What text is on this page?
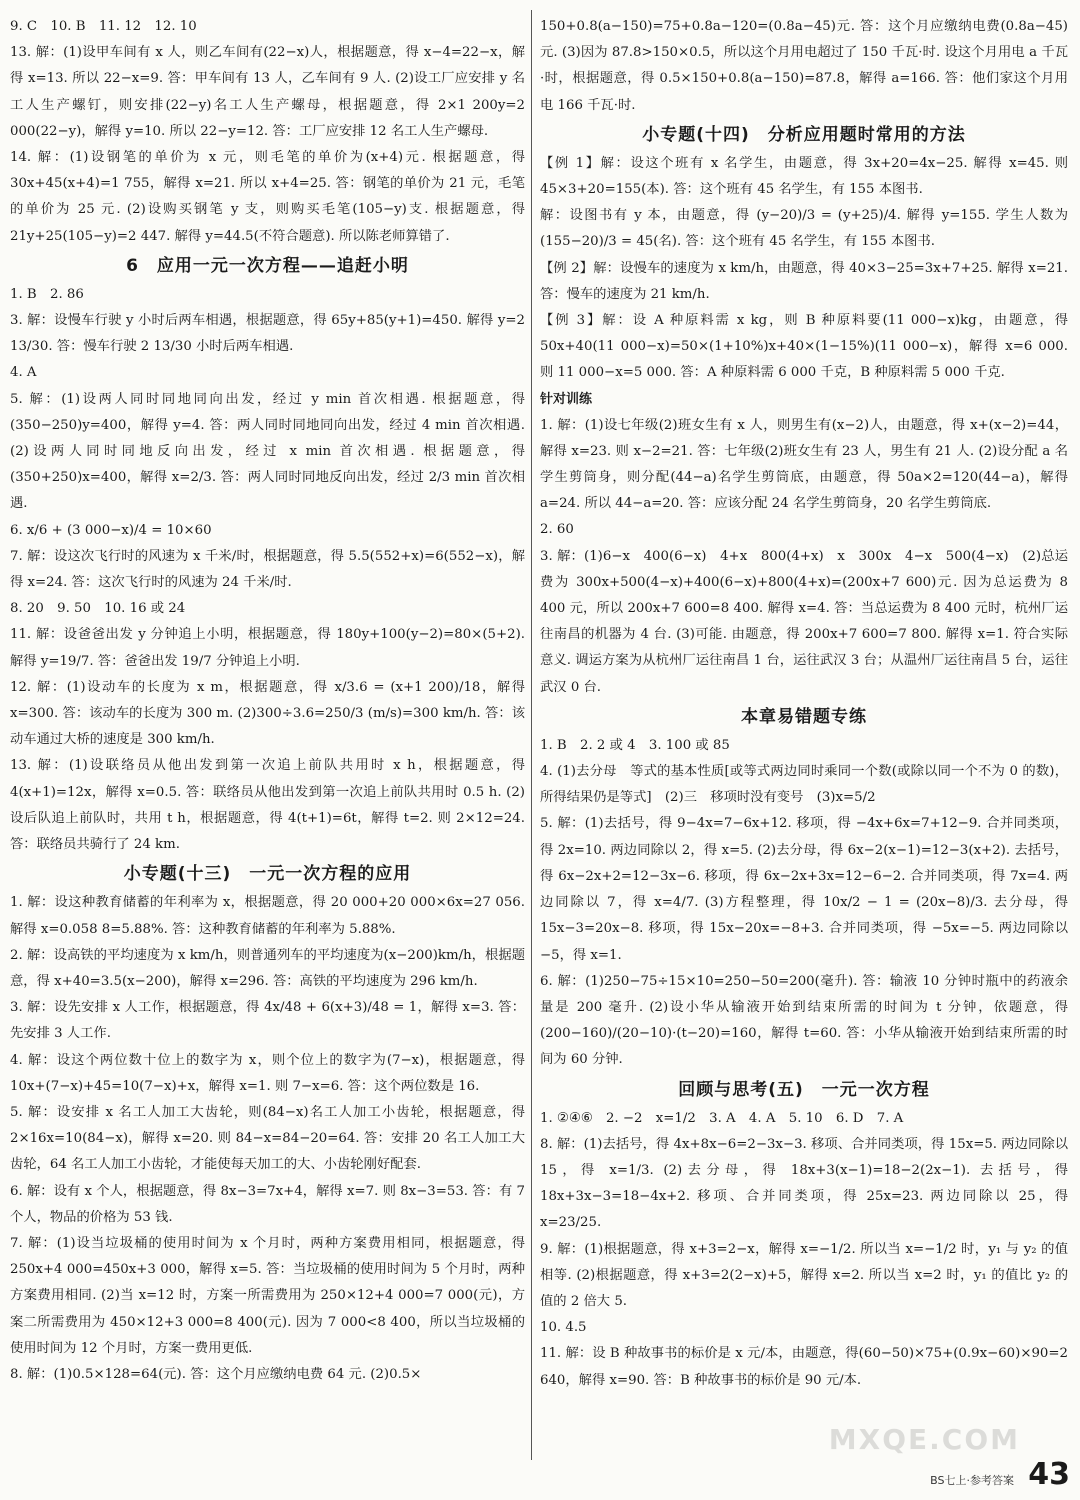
9. C　10. B　11. 12　12. 10
13. 解：(1)设甲车间有 x 人，则乙车间有(22−x)人，根据题意，得 x−4=22−x，解得 x=13. 所以 22−x=9. 答：甲车间有 13 人，乙车间有 9 人. (2)设工厂应安排 y 名工人生产螺钉，则安排(22−y)名工人生产螺母，根据题意，得 2×1 200y=2 000(22−y)，解得 y=10. 所以 22−y=12. 答：工厂应安排 12 名工人生产螺母.
14. 解：(1)设钢笔的单价为 x 元，则毛笔的单价为(x+4)元. 根据题意，得 30x+45(x+4)=1 755，解得 x=21. 所以 x+4=25. 答：钢笔的单价为 21 元，毛笔的单价为 25 元. (2)设购买钢笔 y 支，则购买毛笔(105−y)支. 根据题意，得 21y+25(105−y)=2 447. 解得 y=44.5(不符合题意). 所以陈老师算错了.
6　应用一元一次方程——追赶小明
1. B　2. 86
3. 解：设慢车行驶 y 小时后两车相遇，根据题意，得 65y+85(y+1)=450. 解得 y=2 13/30. 答：慢车行驶 2 13/30 小时后两车相遇.
4. A
5. 解：(1)设两人同时同地同向出发，经过 y min 首次相遇. 根据题意，得(350−250)y=400，解得 y=4. 答：两人同时同地同向出发，经过 4 min 首次相遇. (2)设两人同时同地反向出发，经过 x min 首次相遇. 根据题意，得(350+250)x=400，解得 x=2/3. 答：两人同时同地反向出发，经过 2/3 min 首次相遇.
6. x/6 + (3 000−x)/4 = 10×60
7. 解：设这次飞行时的风速为 x 千米/时，根据题意，得 5.5(552+x)=6(552−x)，解得 x=24. 答：这次飞行时的风速为 24 千米/时.
8. 20　9. 50　10. 16 或 24
11. 解：设爸爸出发 y 分钟追上小明，根据题意，得 180y+100(y−2)=80×(5+2). 解得 y=19/7. 答：爸爸出发 19/7 分钟追上小明.
12. 解：(1)设动车的长度为 x m，根据题意，得 x/3.6 = (x+1 200)/18，解得 x=300. 答：该动车的长度为 300 m. (2)300÷3.6=250/3 (m/s)=300 km/h. 答：该动车通过大桥的速度是 300 km/h.
13. 解：(1)设联络员从他出发到第一次追上前队共用时 x h，根据题意，得 4(x+1)=12x，解得 x=0.5. 答：联络员从他出发到第一次追上前队共用时 0.5 h. (2)设后队追上前队时，共用 t h，根据题意，得 4(t+1)=6t，解得 t=2. 则 2×12=24. 答：联络员共骑行了 24 km.
小专题(十三)　一元一次方程的应用
1. 解：设这种教育储蓄的年利率为 x，根据题意，得 20 000+20 000×6x=27 056. 解得 x=0.058 8=5.88%. 答：这种教育储蓄的年利率为 5.88%.
2. 解：设高铁的平均速度为 x km/h，则普通列车的平均速度为(x−200)km/h，根据题意，得 x+40=3.5(x−200)，解得 x=296. 答：高铁的平均速度为 296 km/h.
3. 解：设先安排 x 人工作，根据题意，得 4x/48 + 6(x+3)/48 = 1，解得 x=3. 答：先安排 3 人工作.
4. 解：设这个两位数十位上的数字为 x，则个位上的数字为(7−x)，根据题意，得 10x+(7−x)+45=10(7−x)+x，解得 x=1. 则 7−x=6. 答：这个两位数是 16.
5. 解：设安排 x 名工人加工大齿轮，则(84−x)名工人加工小齿轮，根据题意，得 2×16x=10(84−x)，解得 x=20. 则 84−x=84−20=64. 答：安排 20 名工人加工大齿轮，64 名工人加工小齿轮，才能使每天加工的大、小齿轮刚好配套.
6. 解：设有 x 个人，根据题意，得 8x−3=7x+4，解得 x=7. 则 8x−3=53. 答：有 7 个人，物品的价格为 53 钱.
7. 解：(1)设当垃圾桶的使用时间为 x 个月时，两种方案费用相同，根据题意，得 250x+4 000=450x+3 000，解得 x=5. 答：当垃圾桶的使用时间为 5 个月时，两种方案费用相同. (2)当 x=12 时，方案一所需费用为 250×12+4 000=7 000(元)，方案二所需费用为 450×12+3 000=8 400(元). 因为 7 000<8 400，所以当垃圾桶的使用时间为 12 个月时，方案一费用更低.
8. 解：(1)0.5×128=64(元). 答：这个月应缴纳电费 64 元. (2)0.5×
150+0.8(a−150)=75+0.8a−120=(0.8a−45)元. 答：这个月应缴纳电费(0.8a−45)元. (3)因为 87.8>150×0.5，所以这个月用电超过了 150 千瓦·时. 设这个月用电 a 千瓦·时，根据题意，得 0.5×150+0.8(a−150)=87.8，解得 a=166. 答：他们家这个月用电 166 千瓦·时.
小专题(十四)　分析应用题时常用的方法
【例 1】解：设这个班有 x 名学生，由题意，得 3x+20=4x−25. 解得 x=45. 则 45×3+20=155(本). 答：这个班有 45 名学生，有 155 本图书.
解：设图书有 y 本，由题意，得 (y−20)/3 = (y+25)/4. 解得 y=155. 学生人数为 (155−20)/3 = 45(名). 答：这个班有 45 名学生，有 155 本图书.
【例 2】解：设慢车的速度为 x km/h，由题意，得 40×3−25=3x+7+25. 解得 x=21. 答：慢车的速度为 21 km/h.
【例 3】解：设 A 种原料需 x kg，则 B 种原料要(11 000−x)kg，由题意，得 50x+40(11 000−x)=50×(1+10%)x+40×(1−15%)(11 000−x)，解得 x=6 000. 则 11 000−x=5 000. 答：A 种原料需 6 000 千克，B 种原料需 5 000 千克.
针对训练
1. 解：(1)设七年级(2)班女生有 x 人，则男生有(x−2)人，由题意，得 x+(x−2)=44，解得 x=23. 则 x−2=21. 答：七年级(2)班女生有 23 人，男生有 21 人. (2)设分配 a 名学生剪筒身，则分配(44−a)名学生剪筒底，由题意，得 50a×2=120(44−a)，解得 a=24. 所以 44−a=20. 答：应该分配 24 名学生剪筒身，20 名学生剪筒底.
2. 60
3. 解：(1)6−x　400(6−x)　4+x　800(4+x)　x　300x　4−x　500(4−x)　(2)总运费为 300x+500(4−x)+400(6−x)+800(4+x)=(200x+7 600)元. 因为总运费为 8 400 元，所以 200x+7 600=8 400. 解得 x=4. 答：当总运费为 8 400 元时，杭州厂运往南昌的机器为 4 台. (3)可能. 由题意，得 200x+7 600=7 800. 解得 x=1. 符合实际意义. 调运方案为从杭州厂运往南昌 1 台，运往武汉 3 台；从温州厂运往南昌 5 台，运往武汉 0 台.
本章易错题专练
1. B　2. 2 或 4　3. 100 或 85
4. (1)去分母　等式的基本性质[或等式两边同时乘同一个数(或除以同一个不为 0 的数)，所得结果仍是等式]　(2)三　移项时没有变号　(3)x=5/2
5. 解：(1)去括号，得 9−4x=7−6x+12. 移项，得 −4x+6x=7+12−9. 合并同类项，得 2x=10. 两边同除以 2，得 x=5. (2)去分母，得 6x−2(x−1)=12−3(x+2). 去括号，得 6x−2x+2=12−3x−6. 移项，得 6x−2x+3x=12−6−2. 合并同类项，得 7x=4. 两边同除以 7，得 x=4/7. (3)方程整理，得 10x/2 − 1 = (20x−8)/3. 去分母，得 15x−3=20x−8. 移项，得 15x−20x=−8+3. 合并同类项，得 −5x=−5. 两边同除以 −5，得 x=1.
6. 解：(1)250−75÷15×10=250−50=200(毫升). 答：输液 10 分钟时瓶中的药液余量是 200 毫升. (2)设小华从输液开始到结束所需的时间为 t 分钟，依题意，得 (200−160)/(20−10)·(t−20)=160，解得 t=60. 答：小华从输液开始到结束所需的时间为 60 分钟.
回顾与思考(五)　一元一次方程
1. ②④⑥　2. −2　x=1/2　3. A　4. A　5. 10　6. D　7. A
8. 解：(1)去括号，得 4x+8x−6=2−3x−3. 移项、合并同类项，得 15x=5. 两边同除以 15，得 x=1/3. (2)去分母，得 18x+3(x−1)=18−2(2x−1). 去括号，得 18x+3x−3=18−4x+2. 移项、合并同类项，得 25x=23. 两边同除以 25，得 x=23/25.
9. 解：(1)根据题意，得 x+3=2−x，解得 x=−1/2. 所以当 x=−1/2 时，y₁ 与 y₂ 的值相等. (2)根据题意，得 x+3=2(2−x)+5，解得 x=2. 所以当 x=2 时，y₁ 的值比 y₂ 的值的 2 倍大 5.
10. 4.5
11. 解：设 B 种故事书的标价是 x 元/本，由题意，得(60−50)×75+(0.9x−60)×90=2 640，解得 x=90. 答：B 种故事书的标价是 90 元/本.
MXQE.COM
BS七上·参考答案 43
